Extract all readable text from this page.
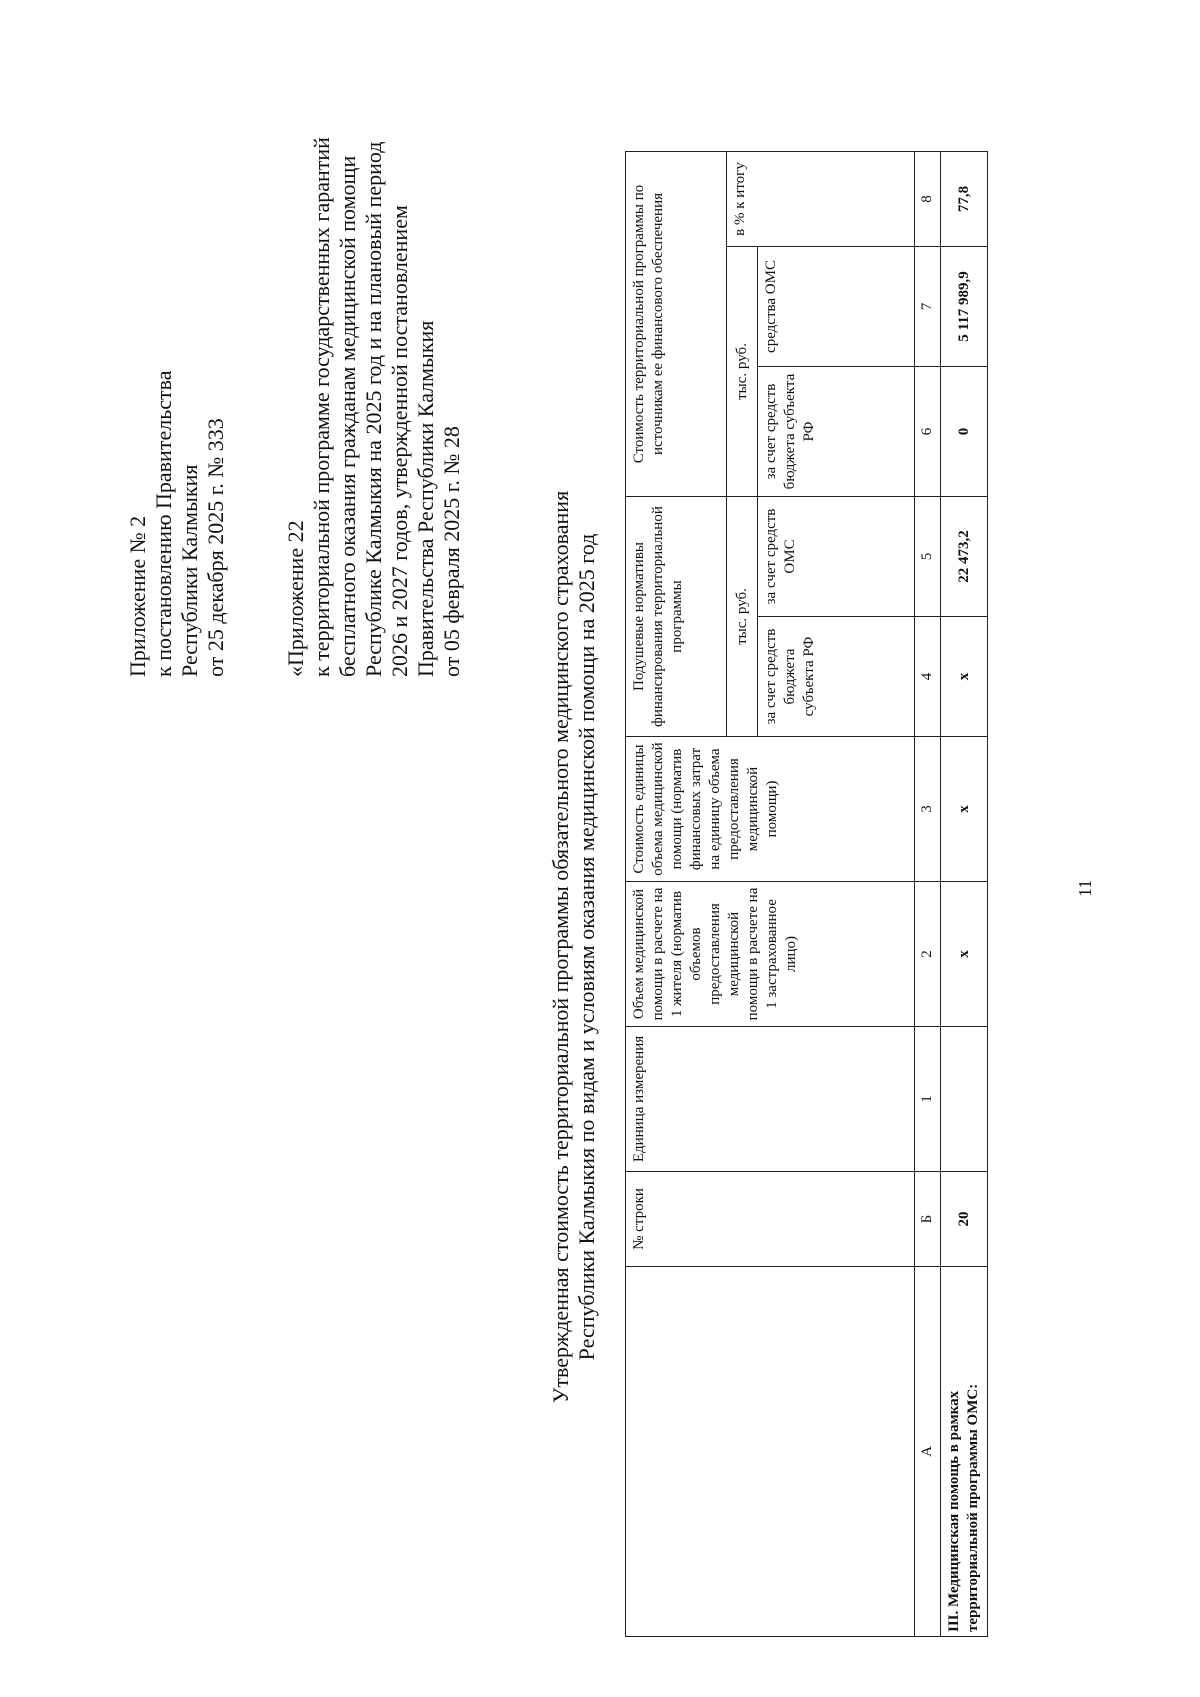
Приложение № 2 к постановлению Правительства Республики Калмыкия от 25 декабря 2025 г. № 333	«Приложение 22 к территориальной программе государственных гарантий бесплатного оказания гражданам медицинской помощи Республике Калмыкия на 2025 год и на плановый период 2026 и 2027 годов, утвержденной постановлением Правительства Республики Калмыкия от 05 февраля 2025 г. № 28	Утвержденная стоимость территориальной программы обязательного медицинского страхования Республики Калмыкия по видам и условиям оказания медицинской помощи на 2025 год
	№ строки	Единица измерения	Объем медицинской помощи в расчете на 1 жителя (норматив объемов предоставления медицинской помощи в расчете на 1 застрахованное лицо)	Стоимость единицы объема медицинской помощи (норматив финансовых затрат на единицу объема предоставления медицинской помощи)	Подушевые нормативы финансирования территориальной программы		Стоимость территориальной программы по источникам ее финансового обеспечения		
					тыс. руб.		тыс. руб.		в % к итогу
					за счет средств бюджета субъекта РФ	за счет средств ОМС	за счет средств бюджета субъекта РФ	средства ОМС	
А	Б	1	2	3	4	5	6	7	8
III. Медицинская помощь в рамках территориальной программы ОМС:	20		х	х	х	22 473,2	0	5 117 989,9	77,8
11
